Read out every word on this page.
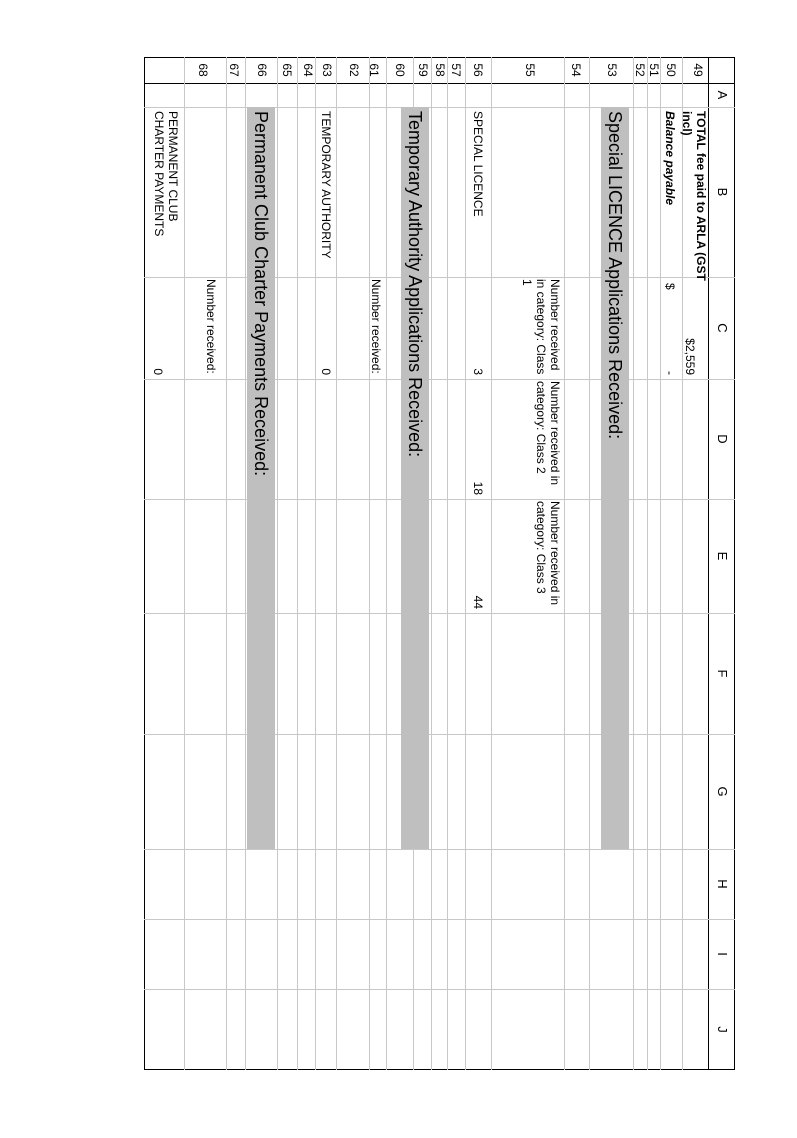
A
B
C
D
E
F
G
H
I
J
49
50
51
52
53
54
55
56
57
58
59
60
61
62
63
64
65
66
67
68
TOTAL fee paid to ARLA (GST incl)
$2,559
Balance payable
$
-
Special LICENCE Applications Received:
Number received in category: Class 1
Number received in category: Class 2
Number received in category: Class 3
SPECIAL LICENCE
3
18
44
Temporary Authority Applications Received:
Number received:
TEMPORARY AUTHORITY
0
Permanent Club Charter Payments Received:
Number received:
PERMANENT CLUB CHARTER PAYMENTS
0
